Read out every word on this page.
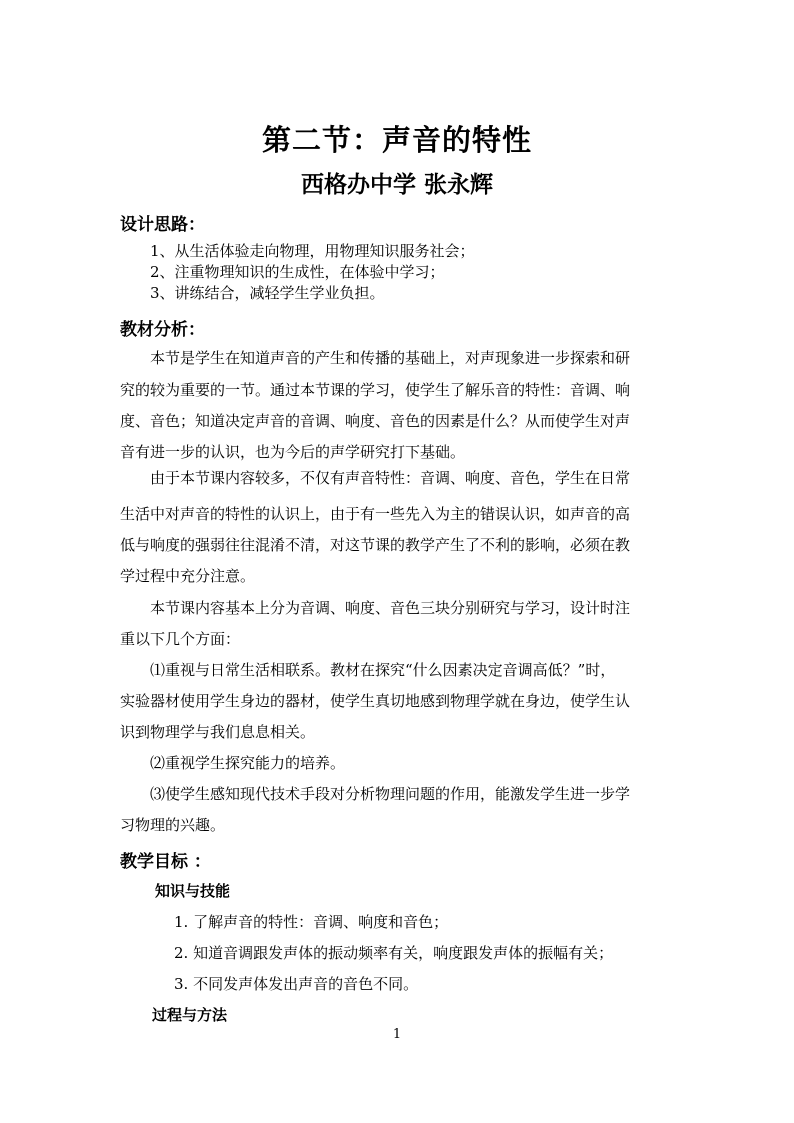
第二节：声音的特性
西格办中学 张永辉
设计思路：
1、从生活体验走向物理，用物理知识服务社会；
2、注重物理知识的生成性，在体验中学习；
3、讲练结合，减轻学生学业负担。
教材分析：
　　本节是学生在知道声音的产生和传播的基础上，对声现象进一步探索和研
究的较为重要的一节。通过本节课的学习，使学生了解乐音的特性：音调、响
度、音色；知道决定声音的音调、响度、音色的因素是什么？从而使学生对声
音有进一步的认识，也为今后的声学研究打下基础。
　　由于本节课内容较多，不仅有声音特性：音调、响度、音色，学生在日常
生活中对声音的特性的认识上，由于有一些先入为主的错误认识，如声音的高
低与响度的强弱往往混淆不清，对这节课的教学产生了不利的影响，必须在教
学过程中充分注意。
　　本节课内容基本上分为音调、响度、音色三块分别研究与学习，设计时注
重以下几个方面：
　　⑴重视与日常生活相联系。教材在探究“什么因素决定音调高低？”时，
实验器材使用学生身边的器材，使学生真切地感到物理学就在身边，使学生认
识到物理学与我们息息相关。
　　⑵重视学生探究能力的培养。
　　⑶使学生感知现代技术手段对分析物理问题的作用，能激发学生进一步学
习物理的兴趣。
教学目标 ：
知识与技能
1. 了解声音的特性：音调、响度和音色；
2. 知道音调跟发声体的振动频率有关，响度跟发声体的振幅有关；
3. 不同发声体发出声音的音色不同。
过程与方法
1
